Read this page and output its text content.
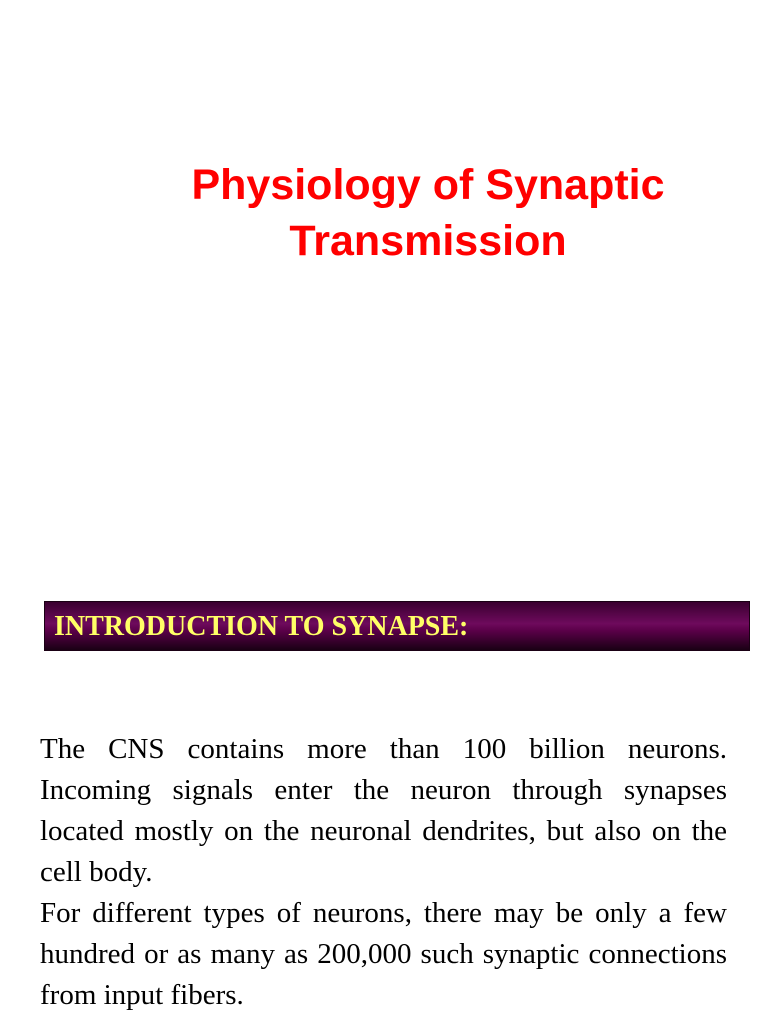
Physiology of Synaptic
Transmission
INTRODUCTION TO SYNAPSE:

The CNS contains more than 100 billion neurons. Incoming signals enter the neuron through synapses located mostly on the neuronal dendrites, but also on the cell body.

For different types of neurons, there may be only a few hundred or as many as 200,000 such synaptic connections from input fibers.
